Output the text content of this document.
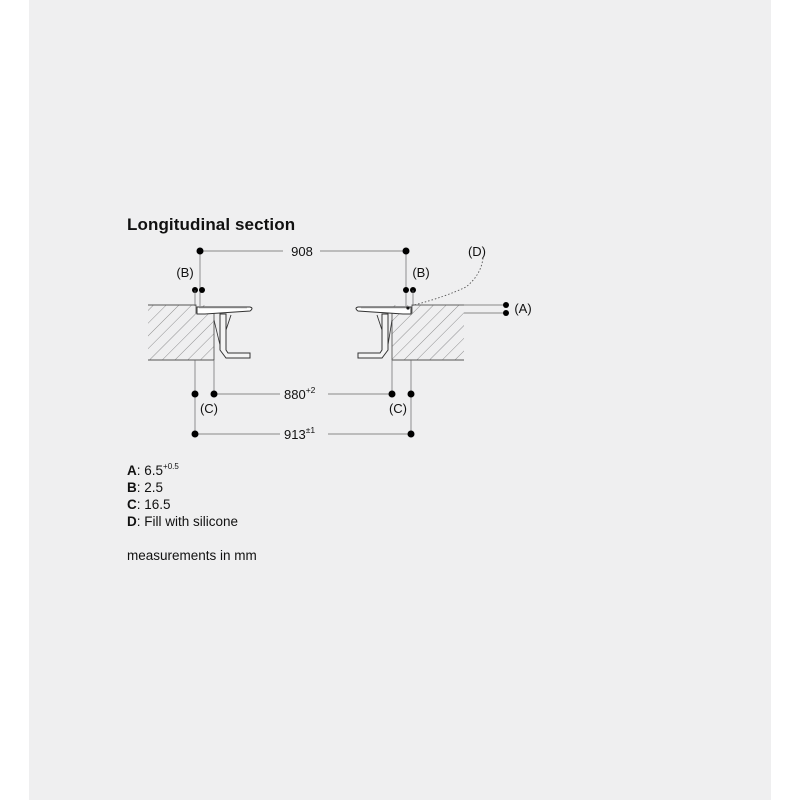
Longitudinal section
908
(B)	(B)
(D)
(A)
$880^{+2}$
(C)	(C)
$913^{\pm 1}$
A: $6.5^{+0.5}$
B: 2.5
C: 16.5
D: Fill with silicone
measurements in mm
